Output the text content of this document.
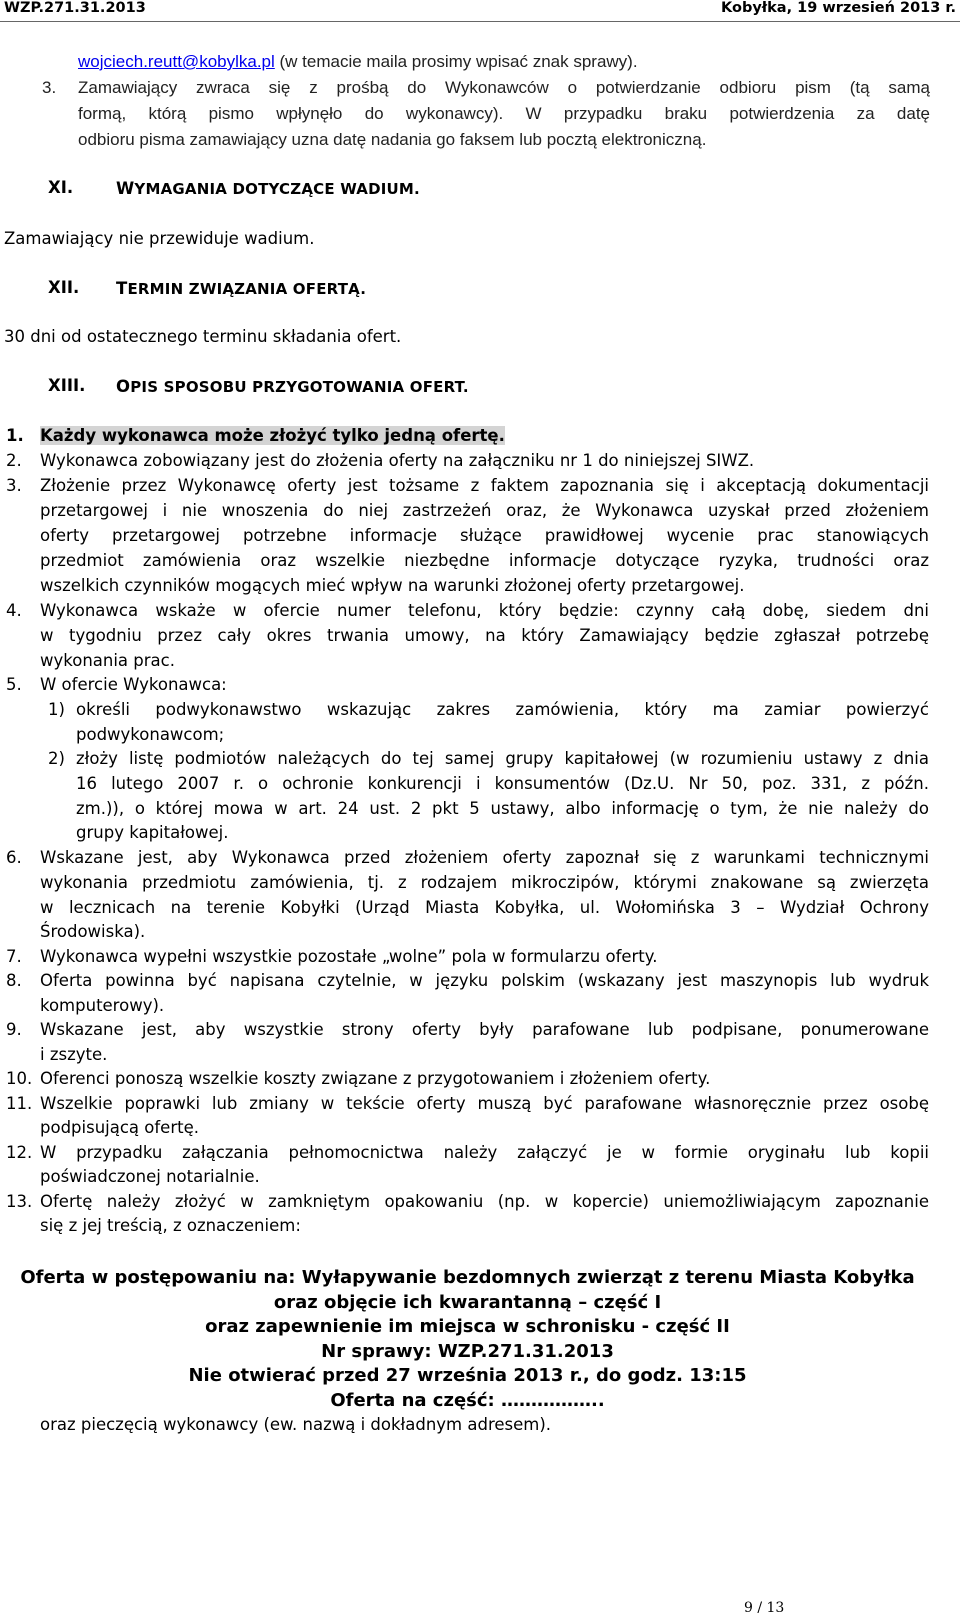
WZP.271.31.2013	Kobyłka, 19 wrzesień 2013 r.
wojciech.reutt@kobylka.pl (w temacie maila prosimy wpisać znak sprawy).
3. Zamawiający zwraca się z prośbą do Wykonawców o potwierdzanie odbioru pism (tą samą
formą, którą pismo wpłynęło do wykonawcy). W przypadku braku potwierdzenia za datę
odbioru pisma zamawiający uzna datę nadania go faksem lub pocztą elektroniczną.
XI.	WYMAGANIA DOTYCZĄCE WADIUM.
Zamawiający nie przewiduje wadium.
XII. TERMIN ZWIĄZANIA OFERTĄ.
30 dni od ostatecznego terminu składania ofert.
XIII. OPIS SPOSOBU PRZYGOTOWANIA OFERT.
1. Każdy wykonawca może złożyć tylko jedną ofertę.
2. Wykonawca zobowiązany jest do złożenia oferty na załączniku nr 1 do niniejszej SIWZ.
3. Złożenie przez Wykonawcę oferty jest tożsame z faktem zapoznania się i akceptacją dokumentacji
przetargowej i nie wnoszenia do niej zastrzeżeń oraz, że Wykonawca uzyskał przed złożeniem
oferty przetargowej potrzebne informacje służące prawidłowej wycenie prac stanowiących
przedmiot zamówienia oraz wszelkie niezbędne informacje dotyczące ryzyka, trudności oraz
wszelkich czynników mogących mieć wpływ na warunki złożonej oferty przetargowej.
4. Wykonawca wskaże w ofercie numer telefonu, który będzie: czynny całą dobę, siedem dni
w tygodniu przez cały okres trwania umowy, na który Zamawiający będzie zgłaszał potrzebę
wykonania prac.
5. W ofercie Wykonawca:
1) określi podwykonawstwo wskazując zakres zamówienia, który ma zamiar powierzyć
podwykonawcom;
2) złoży listę podmiotów należących do tej samej grupy kapitałowej (w rozumieniu ustawy z dnia
16 lutego 2007 r. o ochronie konkurencji i konsumentów (Dz.U. Nr 50, poz. 331, z późn.
zm.)), o której mowa w art. 24 ust. 2 pkt 5 ustawy, albo informację o tym, że nie należy do
grupy kapitałowej.
6. Wskazane jest, aby Wykonawca przed złożeniem oferty zapoznał się z warunkami technicznymi
wykonania przedmiotu zamówienia, tj. z rodzajem mikroczipów, którymi znakowane są zwierzęta
w lecznicach na terenie Kobyłki (Urząd Miasta Kobyłka, ul. Wołomińska 3 – Wydział Ochrony
Środowiska).
7. Wykonawca wypełni wszystkie pozostałe „wolne” pola w formularzu oferty.
8. Oferta powinna być napisana czytelnie, w języku polskim (wskazany jest maszynopis lub wydruk
komputerowy).
9. Wskazane jest, aby wszystkie strony oferty były parafowane lub podpisane, ponumerowane
i zszyte.
10. Oferenci ponoszą wszelkie koszty związane z przygotowaniem i złożeniem oferty.
11. Wszelkie poprawki lub zmiany w tekście oferty muszą być parafowane własnoręcznie przez osobę
podpisującą ofertę.
12. W przypadku załączania pełnomocnictwa należy załączyć je w formie oryginału lub kopii
poświadczonej notarialnie.
13. Ofertę należy złożyć w zamkniętym opakowaniu (np. w kopercie) uniemożliwiającym zapoznanie
się z jej treścią, z oznaczeniem:
Oferta w postępowaniu na: Wyłapywanie bezdomnych zwierząt z terenu Miasta Kobyłka
oraz objęcie ich kwarantanną – część I
oraz zapewnienie im miejsca w schronisku - część II
Nr sprawy: WZP.271.31.2013
Nie otwierać przed 27 września 2013 r., do godz. 13:15
Oferta na część: ……………..
oraz pieczęcią wykonawcy (ew. nazwą i dokładnym adresem).
9 / 13
